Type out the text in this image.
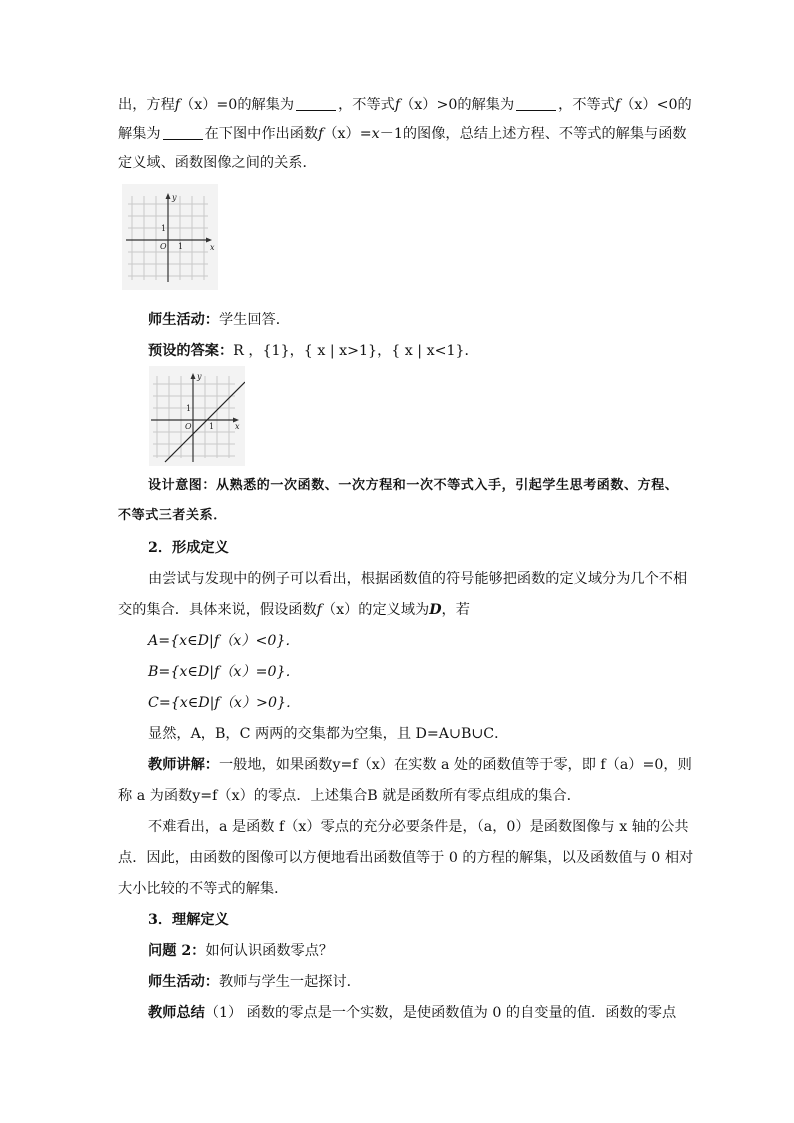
出，方程f（x）=0的解集为	，不等式f（x）>0的解集为	，不等式f（x）<0的
解集为	在下图中作出函数f（x）=x－1的图像，总结上述方程、不等式的解集与函数
定义域、函数图像之间的关系．
y
x
O 1
1
师生活动：学生回答．
预设的答案：R ，{1}，{ x | x>1}，{ x | x<1}．
y
x
O 1
1
设计意图：从熟悉的一次函数、一次方程和一次不等式入手，引起学生思考函数、方程、
不等式三者关系．
2．形成定义
由尝试与发现中的例子可以看出，根据函数值的符号能够把函数的定义域分为几个不相
交的集合．具体来说，假设函数f（x）的定义域为D，若
A={x∈D|f（x）<0}．
B={x∈D|f（x）=0}．
C={x∈D|f（x）>0}．
显然，A，B，C 两两的交集都为空集，且 D=A∪B∪C．
教师讲解：一般地，如果函数y=f（x）在实数 a 处的函数值等于零，即 f（a）=0，则
称 a 为函数y=f（x）的零点．上述集合B 就是函数所有零点组成的集合．
不难看出，a 是函数 f（x）零点的充分必要条件是，（a，0）是函数图像与 x 轴的公共
点．因此，由函数的图像可以方便地看出函数值等于 0 的方程的解集，以及函数值与 0 相对
大小比较的不等式的解集．
3．理解定义
问题 2：如何认识函数零点？
师生活动：教师与学生一起探讨．
教师总结（1） 函数的零点是一个实数，是使函数值为 0 的自变量的值．函数的零点
